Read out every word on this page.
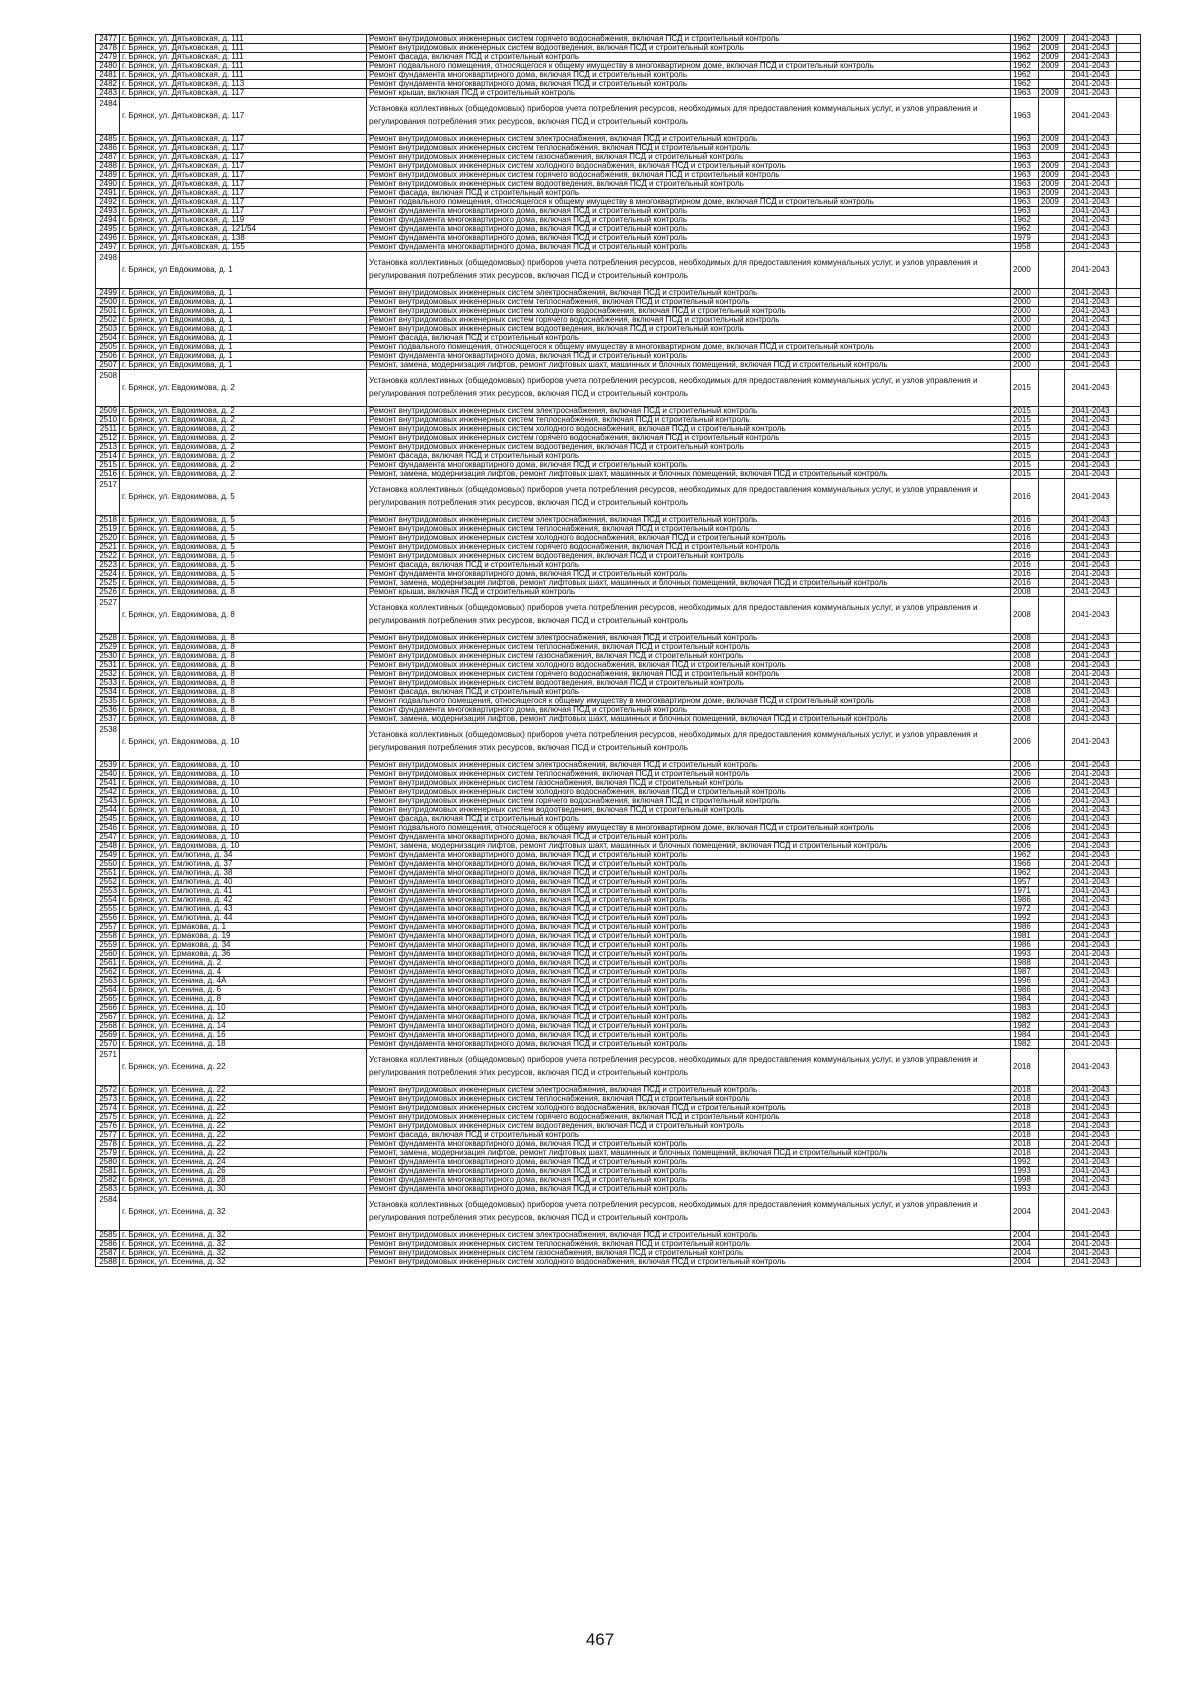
2477	г. Брянск, ул. Дятьковская, д. 111	Ремонт внутридомовых инженерных систем горячего водоснабжения, включая ПСД и строительный контроль	1962	2009	2041-2043	
2478	г. Брянск, ул. Дятьковская, д. 111	Ремонт внутридомовых инженерных систем водоотведения, включая ПСД и строительный контроль	1962	2009	2041-2043	
2479	г. Брянск, ул. Дятьковская, д. 111	Ремонт фасада, включая ПСД и строительный контроль	1962	2009	2041-2043	
2480	г. Брянск, ул. Дятьковская, д. 111	Ремонт подвального помещения, относящегося к общему имуществу в многоквартирном доме, включая ПСД и строительный контроль	1962	2009	2041-2043	
2481	г. Брянск, ул. Дятьковская, д. 111	Ремонт фундамента многоквартирного дома, включая ПСД и строительный контроль	1962		2041-2043	
2482	г. Брянск, ул. Дятьковская, д. 113	Ремонт фундамента многоквартирного дома, включая ПСД и строительный контроль	1962		2041-2043	
2483	г. Брянск, ул. Дятьковская, д. 117	Ремонт крыши, включая ПСД и строительный контроль	1963	2009	2041-2043	
2484	г. Брянск, ул. Дятьковская, д. 117	Установка коллективных (общедомовых) приборов учета потребления ресурсов, необходимых для предоставления коммунальных услуг, и узлов управления и регулирования потребления этих ресурсов, включая ПСД и строительный контроль	1963		2041-2043	
2485	г. Брянск, ул. Дятьковская, д. 117	Ремонт внутридомовых инженерных систем электроснабжения, включая ПСД и строительный контроль	1963	2009	2041-2043	
2486	г. Брянск, ул. Дятьковская, д. 117	Ремонт внутридомовых инженерных систем теплоснабжения, включая ПСД и строительный контроль	1963	2009	2041-2043	
2487	г. Брянск, ул. Дятьковская, д. 117	Ремонт внутридомовых инженерных систем газоснабжения, включая ПСД и строительный контроль	1963		2041-2043	
2488	г. Брянск, ул. Дятьковская, д. 117	Ремонт внутридомовых инженерных систем холодного водоснабжения, включая ПСД и строительный контроль	1963	2009	2041-2043	
2489	г. Брянск, ул. Дятьковская, д. 117	Ремонт внутридомовых инженерных систем горячего водоснабжения, включая ПСД и строительный контроль	1963	2009	2041-2043	
2490	г. Брянск, ул. Дятьковская, д. 117	Ремонт внутридомовых инженерных систем водоотведения, включая ПСД и строительный контроль	1963	2009	2041-2043	
2491	г. Брянск, ул. Дятьковская, д. 117	Ремонт фасада, включая ПСД и строительный контроль	1963	2009	2041-2043	
2492	г. Брянск, ул. Дятьковская, д. 117	Ремонт подвального помещения, относящегося к общему имуществу в многоквартирном доме, включая ПСД и строительный контроль	1963	2009	2041-2043	
2493	г. Брянск, ул. Дятьковская, д. 117	Ремонт фундамента многоквартирного дома, включая ПСД и строительный контроль	1963		2041-2043	
2494	г. Брянск, ул. Дятьковская, д. 119	Ремонт фундамента многоквартирного дома, включая ПСД и строительный контроль	1962		2041-2043	
2495	г. Брянск, ул. Дятьковская, д. 121/54	Ремонт фундамента многоквартирного дома, включая ПСД и строительный контроль	1962		2041-2043	
2496	г. Брянск, ул. Дятьковская, д. 138	Ремонт фундамента многоквартирного дома, включая ПСД и строительный контроль	1979		2041-2043	
2497	г. Брянск, ул. Дятьковская, д. 155	Ремонт фундамента многоквартирного дома, включая ПСД и строительный контроль	1958		2041-2043	
2498	г. Брянск, ул Евдокимова, д. 1	Установка коллективных (общедомовых) приборов учета потребления ресурсов, необходимых для предоставления коммунальных услуг, и узлов управления и регулирования потребления этих ресурсов, включая ПСД и строительный контроль	2000		2041-2043	
2499	г. Брянск, ул Евдокимова, д. 1	Ремонт внутридомовых инженерных систем электроснабжения, включая ПСД и строительный контроль	2000		2041-2043	
2500	г. Брянск, ул Евдокимова, д. 1	Ремонт внутридомовых инженерных систем теплоснабжения, включая ПСД и строительный контроль	2000		2041-2043	
2501	г. Брянск, ул Евдокимова, д. 1	Ремонт внутридомовых инженерных систем холодного водоснабжения, включая ПСД и строительный контроль	2000		2041-2043	
2502	г. Брянск, ул Евдокимова, д. 1	Ремонт внутридомовых инженерных систем горячего водоснабжения, включая ПСД и строительный контроль	2000		2041-2043	
2503	г. Брянск, ул Евдокимова, д. 1	Ремонт внутридомовых инженерных систем водоотведения, включая ПСД и строительный контроль	2000		2041-2043	
2504	г. Брянск, ул Евдокимова, д. 1	Ремонт фасада, включая ПСД и строительный контроль	2000		2041-2043	
2505	г. Брянск, ул Евдокимова, д. 1	Ремонт подвального помещения, относящегося к общему имуществу в многоквартирном доме, включая ПСД и строительный контроль	2000		2041-2043	
2506	г. Брянск, ул Евдокимова, д. 1	Ремонт фундамента многоквартирного дома, включая ПСД и строительный контроль	2000		2041-2043	
2507	г. Брянск, ул Евдокимова, д. 1	Ремонт, замена, модернизация лифтов, ремонт лифтовых шахт, машинных и блочных помещений, включая ПСД и строительный контроль	2000		2041-2043	
2508	г. Брянск, ул. Евдокимова, д. 2	Установка коллективных (общедомовых) приборов учета потребления ресурсов, необходимых для предоставления коммунальных услуг, и узлов управления и регулирования потребления этих ресурсов, включая ПСД и строительный контроль	2015		2041-2043	
2509	г. Брянск, ул. Евдокимова, д. 2	Ремонт внутридомовых инженерных систем электроснабжения, включая ПСД и строительный контроль	2015		2041-2043	
2510	г. Брянск, ул. Евдокимова, д. 2	Ремонт внутридомовых инженерных систем теплоснабжения, включая ПСД и строительный контроль	2015		2041-2043	
2511	г. Брянск, ул. Евдокимова, д. 2	Ремонт внутридомовых инженерных систем холодного водоснабжения, включая ПСД и строительный контроль	2015		2041-2043	
2512	г. Брянск, ул. Евдокимова, д. 2	Ремонт внутридомовых инженерных систем горячего водоснабжения, включая ПСД и строительный контроль	2015		2041-2043	
2513	г. Брянск, ул. Евдокимова, д. 2	Ремонт внутридомовых инженерных систем водоотведения, включая ПСД и строительный контроль	2015		2041-2043	
2514	г. Брянск, ул. Евдокимова, д. 2	Ремонт фасада, включая ПСД и строительный контроль	2015		2041-2043	
2515	г. Брянск, ул. Евдокимова, д. 2	Ремонт фундамента многоквартирного дома, включая ПСД и строительный контроль	2015		2041-2043	
2516	г. Брянск, ул. Евдокимова, д. 2	Ремонт, замена, модернизация лифтов, ремонт лифтовых шахт, машинных и блочных помещений, включая ПСД и строительный контроль	2015		2041-2043	
2517	г. Брянск, ул. Евдокимова, д. 5	Установка коллективных (общедомовых) приборов учета потребления ресурсов, необходимых для предоставления коммунальных услуг, и узлов управления и регулирования потребления этих ресурсов, включая ПСД и строительный контроль	2016		2041-2043	
2518	г. Брянск, ул. Евдокимова, д. 5	Ремонт внутридомовых инженерных систем электроснабжения, включая ПСД и строительный контроль	2016		2041-2043	
2519	г. Брянск, ул. Евдокимова, д. 5	Ремонт внутридомовых инженерных систем теплоснабжения, включая ПСД и строительный контроль	2016		2041-2043	
2520	г. Брянск, ул. Евдокимова, д. 5	Ремонт внутридомовых инженерных систем холодного водоснабжения, включая ПСД и строительный контроль	2016		2041-2043	
2521	г. Брянск, ул. Евдокимова, д. 5	Ремонт внутридомовых инженерных систем горячего водоснабжения, включая ПСД и строительный контроль	2016		2041-2043	
2522	г. Брянск, ул. Евдокимова, д. 5	Ремонт внутридомовых инженерных систем водоотведения, включая ПСД и строительный контроль	2016		2041-2043	
2523	г. Брянск, ул. Евдокимова, д. 5	Ремонт фасада, включая ПСД и строительный контроль	2016		2041-2043	
2524	г. Брянск, ул. Евдокимова, д. 5	Ремонт фундамента многоквартирного дома, включая ПСД и строительный контроль	2016		2041-2043	
2525	г. Брянск, ул. Евдокимова, д. 5	Ремонт, замена, модернизация лифтов, ремонт лифтовых шахт, машинных и блочных помещений, включая ПСД и строительный контроль	2016		2041-2043	
2526	г. Брянск, ул. Евдокимова, д. 8	Ремонт крыши, включая ПСД и строительный контроль	2008		2041-2043	
2527	г. Брянск, ул. Евдокимова, д. 8	Установка коллективных (общедомовых) приборов учета потребления ресурсов, необходимых для предоставления коммунальных услуг, и узлов управления и регулирования потребления этих ресурсов, включая ПСД и строительный контроль	2008		2041-2043	
2528	г. Брянск, ул. Евдокимова, д. 8	Ремонт внутридомовых инженерных систем электроснабжения, включая ПСД и строительный контроль	2008		2041-2043	
2529	г. Брянск, ул. Евдокимова, д. 8	Ремонт внутридомовых инженерных систем теплоснабжения, включая ПСД и строительный контроль	2008		2041-2043	
2530	г. Брянск, ул. Евдокимова, д. 8	Ремонт внутридомовых инженерных систем газоснабжения, включая ПСД и строительный контроль	2008		2041-2043	
2531	г. Брянск, ул. Евдокимова, д. 8	Ремонт внутридомовых инженерных систем холодного водоснабжения, включая ПСД и строительный контроль	2008		2041-2043	
2532	г. Брянск, ул. Евдокимова, д. 8	Ремонт внутридомовых инженерных систем горячего водоснабжения, включая ПСД и строительный контроль	2008		2041-2043	
2533	г. Брянск, ул. Евдокимова, д. 8	Ремонт внутридомовых инженерных систем водоотведения, включая ПСД и строительный контроль	2008		2041-2043	
2534	г. Брянск, ул. Евдокимова, д. 8	Ремонт фасада, включая ПСД и строительный контроль	2008		2041-2043	
2535	г. Брянск, ул. Евдокимова, д. 8	Ремонт подвального помещения, относящегося к общему имуществу в многоквартирном доме, включая ПСД и строительный контроль	2008		2041-2043	
2536	г. Брянск, ул. Евдокимова, д. 8	Ремонт фундамента многоквартирного дома, включая ПСД и строительный контроль	2008		2041-2043	
2537	г. Брянск, ул. Евдокимова, д. 8	Ремонт, замена, модернизация лифтов, ремонт лифтовых шахт, машинных и блочных помещений, включая ПСД и строительный контроль	2008		2041-2043	
2538	г. Брянск, ул. Евдокимова, д. 10	Установка коллективных (общедомовых) приборов учета потребления ресурсов, необходимых для предоставления коммунальных услуг, и узлов управления и регулирования потребления этих ресурсов, включая ПСД и строительный контроль	2006		2041-2043	
2539	г. Брянск, ул. Евдокимова, д. 10	Ремонт внутридомовых инженерных систем электроснабжения, включая ПСД и строительный контроль	2006		2041-2043	
2540	г. Брянск, ул. Евдокимова, д. 10	Ремонт внутридомовых инженерных систем теплоснабжения, включая ПСД и строительный контроль	2006		2041-2043	
2541	г. Брянск, ул. Евдокимова, д. 10	Ремонт внутридомовых инженерных систем газоснабжения, включая ПСД и строительный контроль	2006		2041-2043	
2542	г. Брянск, ул. Евдокимова, д. 10	Ремонт внутридомовых инженерных систем холодного водоснабжения, включая ПСД и строительный контроль	2006		2041-2043	
2543	г. Брянск, ул. Евдокимова, д. 10	Ремонт внутридомовых инженерных систем горячего водоснабжения, включая ПСД и строительный контроль	2006		2041-2043	
2544	г. Брянск, ул. Евдокимова, д. 10	Ремонт внутридомовых инженерных систем водоотведения, включая ПСД и строительный контроль	2006		2041-2043	
2545	г. Брянск, ул. Евдокимова, д. 10	Ремонт фасада, включая ПСД и строительный контроль	2006		2041-2043	
2546	г. Брянск, ул. Евдокимова, д. 10	Ремонт подвального помещения, относящегося к общему имуществу в многоквартирном доме, включая ПСД и строительный контроль	2006		2041-2043	
2547	г. Брянск, ул. Евдокимова, д. 10	Ремонт фундамента многоквартирного дома, включая ПСД и строительный контроль	2006		2041-2043	
2548	г. Брянск, ул. Евдокимова, д. 10	Ремонт, замена, модернизация лифтов, ремонт лифтовых шахт, машинных и блочных помещений, включая ПСД и строительный контроль	2006		2041-2043	
2549	г. Брянск, ул. Емлютина, д. 34	Ремонт фундамента многоквартирного дома, включая ПСД и строительный контроль	1962		2041-2043	
2550	г. Брянск, ул. Емлютина, д. 37	Ремонт фундамента многоквартирного дома, включая ПСД и строительный контроль	1966		2041-2043	
2551	г. Брянск, ул. Емлютина, д. 38	Ремонт фундамента многоквартирного дома, включая ПСД и строительный контроль	1962		2041-2043	
2552	г. Брянск, ул. Емлютина, д. 40	Ремонт фундамента многоквартирного дома, включая ПСД и строительный контроль	1957		2041-2043	
2553	г. Брянск, ул. Емлютина, д. 41	Ремонт фундамента многоквартирного дома, включая ПСД и строительный контроль	1971		2041-2043	
2554	г. Брянск, ул. Емлютина, д. 42	Ремонт фундамента многоквартирного дома, включая ПСД и строительный контроль	1986		2041-2043	
2555	г. Брянск, ул. Емлютина, д. 43	Ремонт фундамента многоквартирного дома, включая ПСД и строительный контроль	1972		2041-2043	
2556	г. Брянск, ул. Емлютина, д. 44	Ремонт фундамента многоквартирного дома, включая ПСД и строительный контроль	1992		2041-2043	
2557	г. Брянск, ул. Ермакова, д. 1	Ремонт фундамента многоквартирного дома, включая ПСД и строительный контроль	1986		2041-2043	
2558	г. Брянск, ул. Ермакова, д. 19	Ремонт фундамента многоквартирного дома, включая ПСД и строительный контроль	1981		2041-2043	
2559	г. Брянск, ул. Ермакова, д. 34	Ремонт фундамента многоквартирного дома, включая ПСД и строительный контроль	1986		2041-2043	
2560	г. Брянск, ул. Ермакова, д. 36	Ремонт фундамента многоквартирного дома, включая ПСД и строительный контроль	1993		2041-2043	
2561	г. Брянск, ул. Есенина, д. 2	Ремонт фундамента многоквартирного дома, включая ПСД и строительный контроль	1988		2041-2043	
2562	г. Брянск, ул. Есенина, д. 4	Ремонт фундамента многоквартирного дома, включая ПСД и строительный контроль	1987		2041-2043	
2563	г. Брянск, ул. Есенина, д. 4А	Ремонт фундамента многоквартирного дома, включая ПСД и строительный контроль	1996		2041-2043	
2564	г. Брянск, ул. Есенина, д. 6	Ремонт фундамента многоквартирного дома, включая ПСД и строительный контроль	1986		2041-2043	
2565	г. Брянск, ул. Есенина, д. 8	Ремонт фундамента многоквартирного дома, включая ПСД и строительный контроль	1984		2041-2043	
2566	г. Брянск, ул. Есенина, д. 10	Ремонт фундамента многоквартирного дома, включая ПСД и строительный контроль	1983		2041-2043	
2567	г. Брянск, ул. Есенина, д. 12	Ремонт фундамента многоквартирного дома, включая ПСД и строительный контроль	1982		2041-2043	
2568	г. Брянск, ул. Есенина, д. 14	Ремонт фундамента многоквартирного дома, включая ПСД и строительный контроль	1982		2041-2043	
2569	г. Брянск, ул. Есенина, д. 16	Ремонт фундамента многоквартирного дома, включая ПСД и строительный контроль	1984		2041-2043	
2570	г. Брянск, ул. Есенина, д. 18	Ремонт фундамента многоквартирного дома, включая ПСД и строительный контроль	1982		2041-2043	
2571	г. Брянск, ул. Есенина, д. 22	Установка коллективных (общедомовых) приборов учета потребления ресурсов, необходимых для предоставления коммунальных услуг, и узлов управления и регулирования потребления этих ресурсов, включая ПСД и строительный контроль	2018		2041-2043	
2572	г. Брянск, ул. Есенина, д. 22	Ремонт внутридомовых инженерных систем электроснабжения, включая ПСД и строительный контроль	2018		2041-2043	
2573	г. Брянск, ул. Есенина, д. 22	Ремонт внутридомовых инженерных систем теплоснабжения, включая ПСД и строительный контроль	2018		2041-2043	
2574	г. Брянск, ул. Есенина, д. 22	Ремонт внутридомовых инженерных систем холодного водоснабжения, включая ПСД и строительный контроль	2018		2041-2043	
2575	г. Брянск, ул. Есенина, д. 22	Ремонт внутридомовых инженерных систем горячего водоснабжения, включая ПСД и строительный контроль	2018		2041-2043	
2576	г. Брянск, ул. Есенина, д. 22	Ремонт внутридомовых инженерных систем водоотведения, включая ПСД и строительный контроль	2018		2041-2043	
2577	г. Брянск, ул. Есенина, д. 22	Ремонт фасада, включая ПСД и строительный контроль	2018		2041-2043	
2578	г. Брянск, ул. Есенина, д. 22	Ремонт фундамента многоквартирного дома, включая ПСД и строительный контроль	2018		2041-2043	
2579	г. Брянск, ул. Есенина, д. 22	Ремонт, замена, модернизация лифтов, ремонт лифтовых шахт, машинных и блочных помещений, включая ПСД и строительный контроль	2018		2041-2043	
2580	г. Брянск, ул. Есенина, д. 24	Ремонт фундамента многоквартирного дома, включая ПСД и строительный контроль	1992		2041-2043	
2581	г. Брянск, ул. Есенина, д. 26	Ремонт фундамента многоквартирного дома, включая ПСД и строительный контроль	1993		2041-2043	
2582	г. Брянск, ул. Есенина, д. 28	Ремонт фундамента многоквартирного дома, включая ПСД и строительный контроль	1998		2041-2043	
2583	г. Брянск, ул. Есенина, д. 30	Ремонт фундамента многоквартирного дома, включая ПСД и строительный контроль	1993		2041-2043	
2584	г. Брянск, ул. Есенина, д. 32	Установка коллективных (общедомовых) приборов учета потребления ресурсов, необходимых для предоставления коммунальных услуг, и узлов управления и регулирования потребления этих ресурсов, включая ПСД и строительный контроль	2004		2041-2043	
2585	г. Брянск, ул. Есенина, д. 32	Ремонт внутридомовых инженерных систем электроснабжения, включая ПСД и строительный контроль	2004		2041-2043	
2586	г. Брянск, ул. Есенина, д. 32	Ремонт внутридомовых инженерных систем теплоснабжения, включая ПСД и строительный контроль	2004		2041-2043	
2587	г. Брянск, ул. Есенина, д. 32	Ремонт внутридомовых инженерных систем газоснабжения, включая ПСД и строительный контроль	2004		2041-2043	
2588	г. Брянск, ул. Есенина, д. 32	Ремонт внутридомовых инженерных систем холодного водоснабжения, включая ПСД и строительный контроль	2004		2041-2043	
467
